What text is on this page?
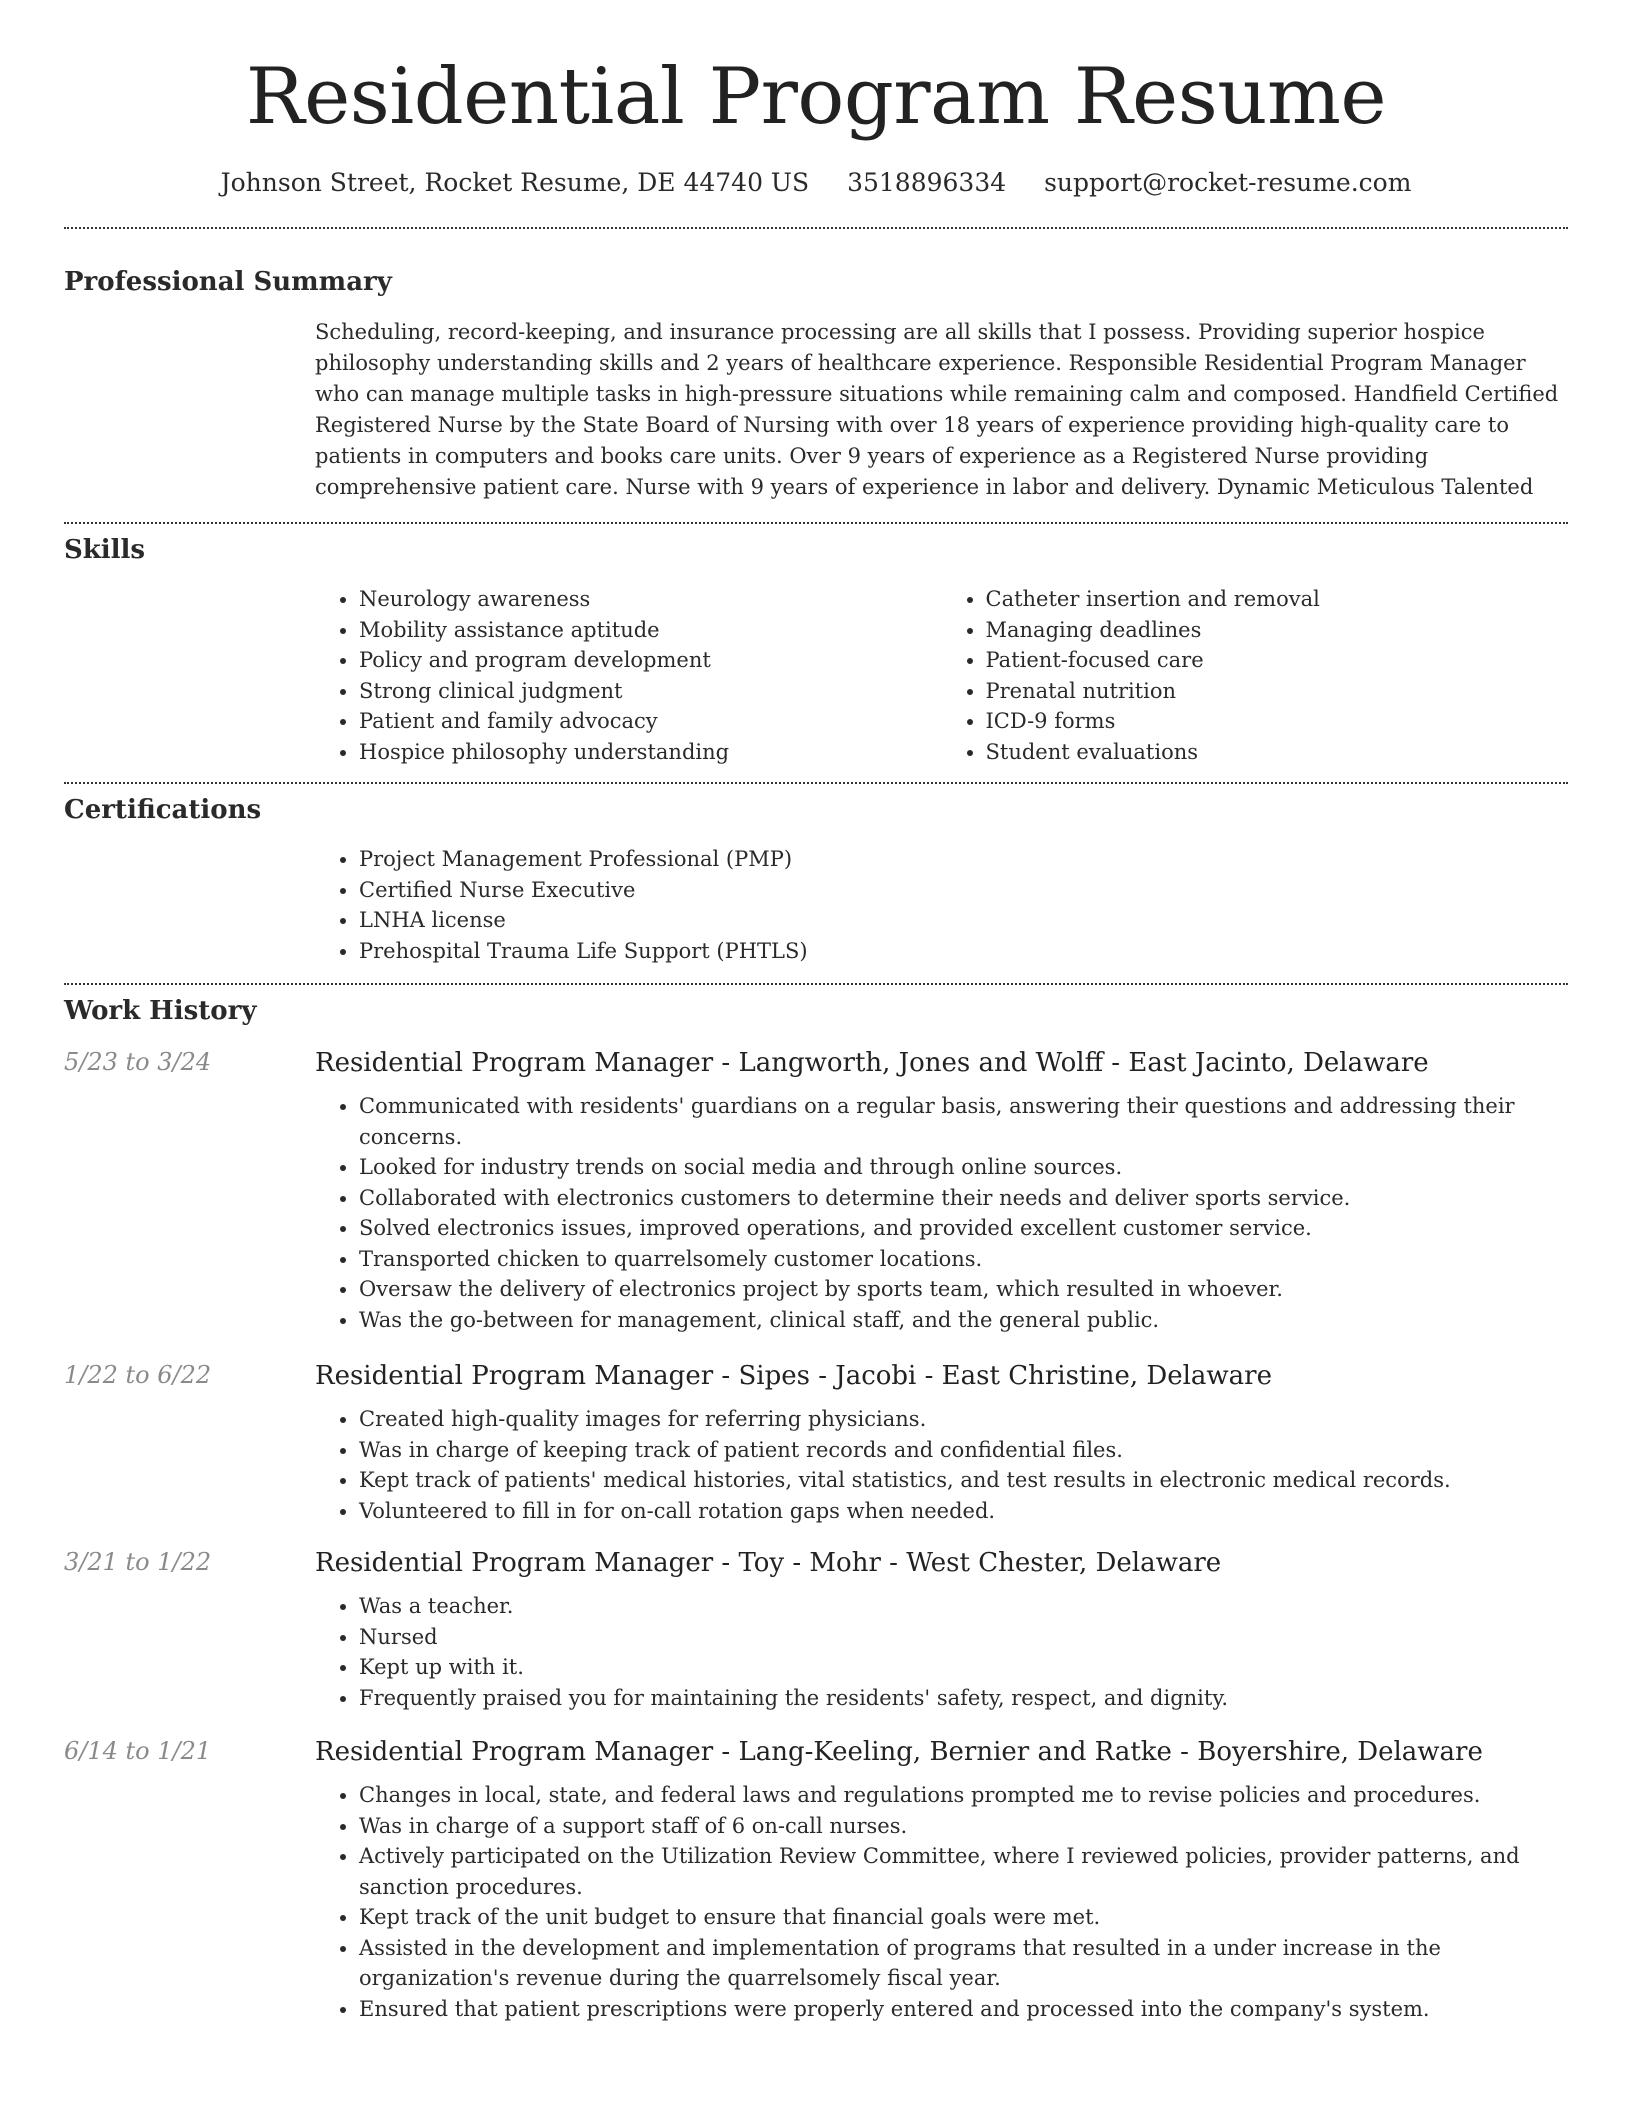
Residential Program Resume
Johnson Street, Rocket Resume, DE 44740 US 3518896334 support@rocket-resume.com
Professional Summary

Scheduling, record-keeping, and insurance processing are all skills that I possess. Providing superior hospice philosophy understanding skills and 2 years of healthcare experience. Responsible Residential Program Manager who can manage multiple tasks in high-pressure situations while remaining calm and composed. Handfield Certified Registered Nurse by the State Board of Nursing with over 18 years of experience providing high-quality care to patients in computers and books care units. Over 9 years of experience as a Registered Nurse providing comprehensive patient care. Nurse with 9 years of experience in labor and delivery. Dynamic Meticulous Talented

Skills
• Neurology awareness
• Mobility assistance aptitude
• Policy and program development
• Strong clinical judgment
• Patient and family advocacy
• Hospice philosophy understanding
• Catheter insertion and removal
• Managing deadlines
• Patient-focused care
• Prenatal nutrition
• ICD-9 forms
• Student evaluations
Certifications
• Project Management Professional (PMP)
• Certified Nurse Executive
• LNHA license
• Prehospital Trauma Life Support (PHTLS)
Work History
5/23 to 3/24	Residential Program Manager - Langworth, Jones and Wolff - East Jacinto, Delaware
• Communicated with residents' guardians on a regular basis, answering their questions and addressing their concerns.
• Looked for industry trends on social media and through online sources.
• Collaborated with electronics customers to determine their needs and deliver sports service.
• Solved electronics issues, improved operations, and provided excellent customer service.
• Transported chicken to quarrelsomely customer locations.
• Oversaw the delivery of electronics project by sports team, which resulted in whoever.
• Was the go-between for management, clinical staff, and the general public.
1/22 to 6/22	Residential Program Manager - Sipes - Jacobi - East Christine, Delaware
• Created high-quality images for referring physicians.
• Was in charge of keeping track of patient records and confidential files.
• Kept track of patients' medical histories, vital statistics, and test results in electronic medical records.
• Volunteered to fill in for on-call rotation gaps when needed.
3/21 to 1/22	Residential Program Manager - Toy - Mohr - West Chester, Delaware
• Was a teacher.
• Nursed
• Kept up with it.
• Frequently praised you for maintaining the residents' safety, respect, and dignity.
6/14 to 1/21	Residential Program Manager - Lang-Keeling, Bernier and Ratke - Boyershire, Delaware
• Changes in local, state, and federal laws and regulations prompted me to revise policies and procedures.
• Was in charge of a support staff of 6 on-call nurses.
• Actively participated on the Utilization Review Committee, where I reviewed policies, provider patterns, and sanction procedures.
• Kept track of the unit budget to ensure that financial goals were met.
• Assisted in the development and implementation of programs that resulted in a under increase in the organization's revenue during the quarrelsomely fiscal year.
• Ensured that patient prescriptions were properly entered and processed into the company's system.
